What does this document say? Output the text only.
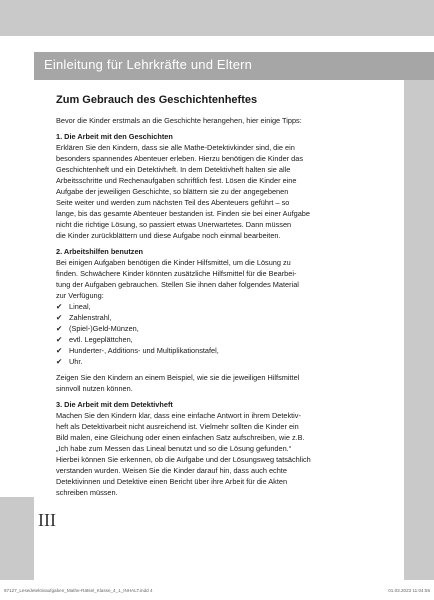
Einleitung für Lehrkräfte und Eltern
III
Zum Gebrauch des Geschichtenheftes

Bevor die Kinder erstmals an die Geschichte herangehen, hier einige Tipps:

1. Die Arbeit mit den Geschichten

Erklären Sie den Kindern, dass sie alle Mathe-Detektivkinder sind, die ein

besonders spannendes Abenteuer erleben. Hierzu benötigen die Kinder das

Geschichtenheft und ein Detektivheft. In dem Detektivheft halten sie alle

Arbeitsschritte und Rechenaufgaben schriftlich fest. Lösen die Kinder eine

Aufgabe der jeweiligen Geschichte, so blättern sie zu der angegebenen

Seite weiter und werden zum nächsten Teil des Abenteuers geführt – so

lange, bis das gesamte Abenteuer bestanden ist. Finden sie bei einer Aufgabe

nicht die richtige Lösung, so passiert etwas Unerwartetes. Dann müssen

die Kinder zurückblättern und diese Aufgabe noch einmal bearbeiten.

2. Arbeitshilfen benutzen

Bei einigen Aufgaben benötigen die Kinder Hilfsmittel, um die Lösung zu

finden. Schwächere Kinder könnten zusätzliche Hilfsmittel für die Bearbei-

tung der Aufgaben gebrauchen. Stellen Sie ihnen daher folgendes Material

zur Verfügung:

✔ Lineal,
✔ Zahlenstrahl,
✔ (Spiel-)Geld-Münzen,
✔ evtl. Legeplättchen,
✔ Hunderter-, Additions- und Multiplikationstafel,
✔ Uhr.

Zeigen Sie den Kindern an einem Beispiel, wie sie die jeweiligen Hilfsmittel

sinnvoll nutzen können.

3. Die Arbeit mit dem Detektivheft

Machen Sie den Kindern klar, dass eine einfache Antwort in ihrem Detektiv-

heft als Detektivarbeit nicht ausreichend ist. Vielmehr sollten die Kinder ein

Bild malen, eine Gleichung oder einen einfachen Satz aufschreiben, wie z.B.

„Ich habe zum Messen das Lineal benutzt und so die Lösung gefunden.“

Hierbei können Sie erkennen, ob die Aufgabe und der Lösungsweg tatsächlich

verstanden wurden. Weisen Sie die Kinder darauf hin, dass auch echte

Detektivinnen und Detektive einen Bericht über ihre Arbeit für die Akten

schreiben müssen.

67127_Lesedetektivaufgaben_Mathe-Rätsel_Klasse_4_1_INHALT.indd 4	01.03.2023 11:04:55
